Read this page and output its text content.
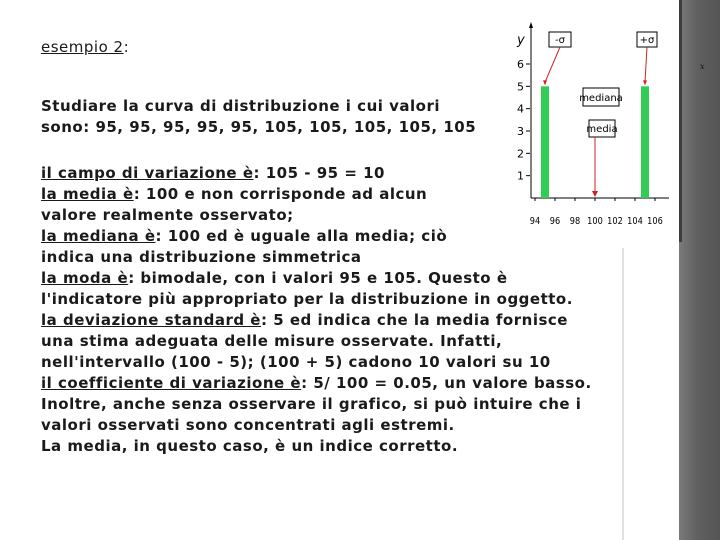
x
esempio 2:
Studiare la curva di distribuzione i cui valori
sono: 95, 95, 95, 95, 95, 105, 105, 105, 105, 105
il campo di variazione è: 105 - 95 = 10
la media è: 100 e non corrisponde ad alcun
valore realmente osservato;
la mediana è: 100 ed è uguale alla media; ciò
indica una distribuzione simmetrica
la moda è: bimodale, con i valori 95 e 105. Questo è
l'indicatore più appropriato per la distribuzione in oggetto.
la deviazione standard è: 5 ed indica che la media fornisce
una stima adeguata delle misure osservate. Infatti,
nell'intervallo (100 - 5); (100 + 5) cadono 10 valori su 10
il coefficiente di variazione è: 5/ 100 = 0.05, un valore basso.
Inoltre, anche senza osservare il grafico, si può intuire che i
valori osservati sono concentrati agli estremi.
La media, in questo caso, è un indice corretto.
y
1
2
3
4
5
6
94 96 98 100 102 104 106
-σ	+σ
mediana
media
